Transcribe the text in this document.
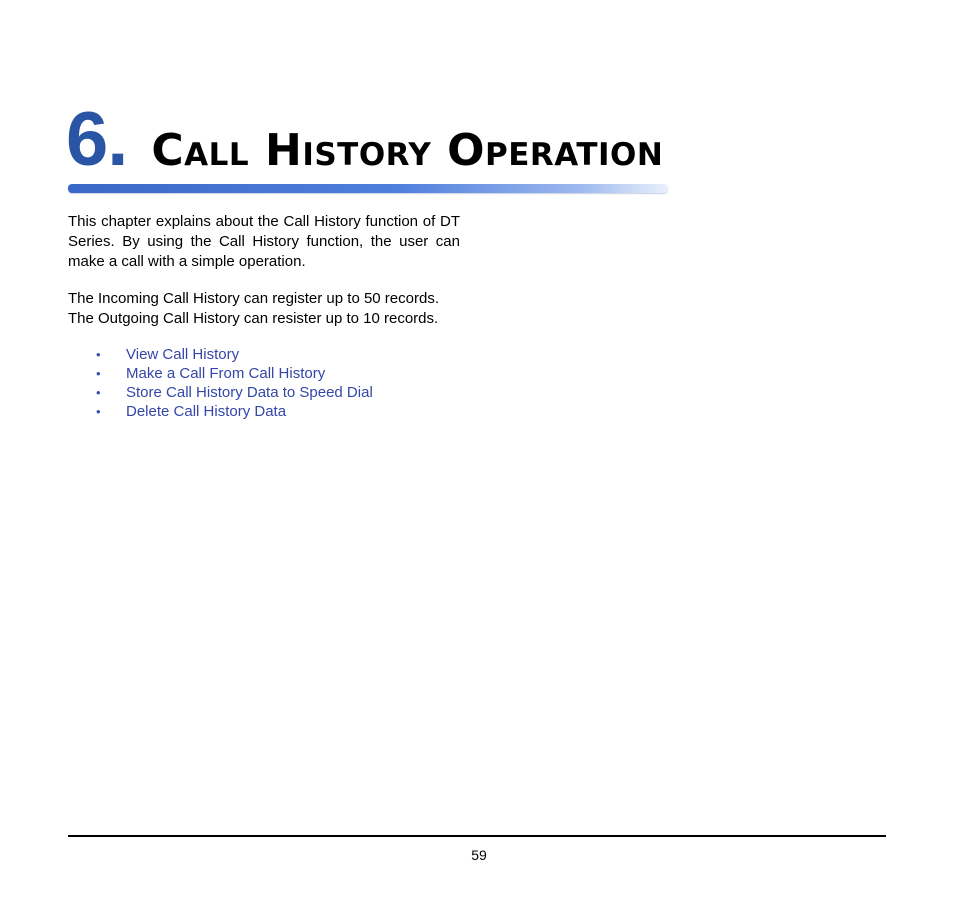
6. Call History Operation

This chapter explains about the Call History function of DT Series. By using the Call History function, the user can make a call with a simple operation.

The Incoming Call History can register up to 50 records.
The Outgoing Call History can resister up to 10 records.

•	View Call History
•	Make a Call From Call History
•	Store Call History Data to Speed Dial
•	Delete Call History Data
59
